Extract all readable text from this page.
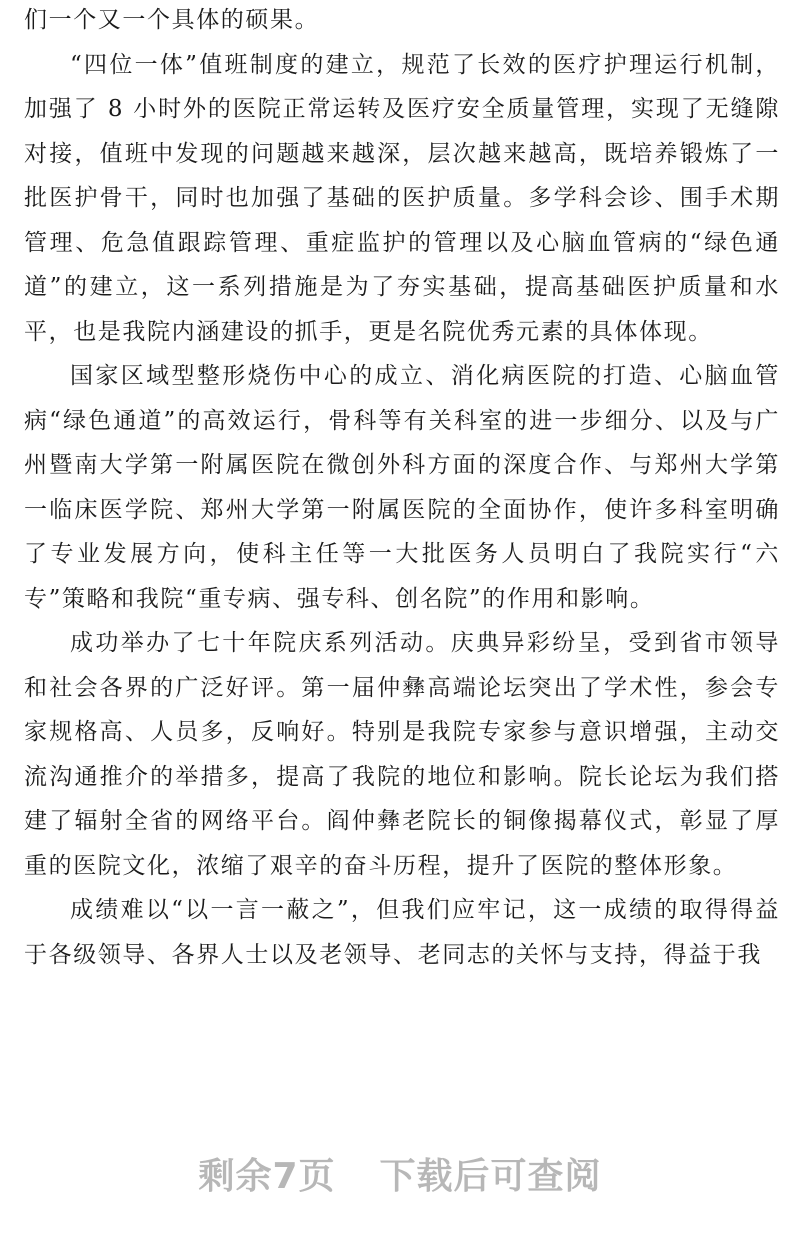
们一个又一个具体的硕果。

“四位一体”值班制度的建立，规范了长效的医疗护理运行机制，加强了 8 小时外的医院正常运转及医疗安全质量管理，实现了无缝隙对接，值班中发现的问题越来越深，层次越来越高，既培养锻炼了一批医护骨干，同时也加强了基础的医护质量。多学科会诊、围手术期管理、危急值跟踪管理、重症监护的管理以及心脑血管病的“绿色通道”的建立，这一系列措施是为了夯实基础，提高基础医护质量和水平，也是我院内涵建设的抓手，更是名院优秀元素的具体体现。

国家区域型整形烧伤中心的成立、消化病医院的打造、心脑血管病“绿色通道”的高效运行，骨科等有关科室的进一步细分、以及与广州暨南大学第一附属医院在微创外科方面的深度合作、与郑州大学第一临床医学院、郑州大学第一附属医院的全面协作，使许多科室明确了专业发展方向，使科主任等一大批医务人员明白了我院实行“六专”策略和我院“重专病、强专科、创名院”的作用和影响。

成功举办了七十年院庆系列活动。庆典异彩纷呈，受到省市领导和社会各界的广泛好评。第一届仲彝高端论坛突出了学术性，参会专家规格高、人员多，反响好。特别是我院专家参与意识增强，主动交流沟通推介的举措多，提高了我院的地位和影响。院长论坛为我们搭建了辐射全省的网络平台。阎仲彝老院长的铜像揭幕仪式，彰显了厚重的医院文化，浓缩了艰辛的奋斗历程，提升了医院的整体形象。

成绩难以“以一言一蔽之”，但我们应牢记，这一成绩的取得得益于各级领导、各界人士以及老领导、老同志的关怀与支持，得益于我

剩余7页 下载后可查阅
